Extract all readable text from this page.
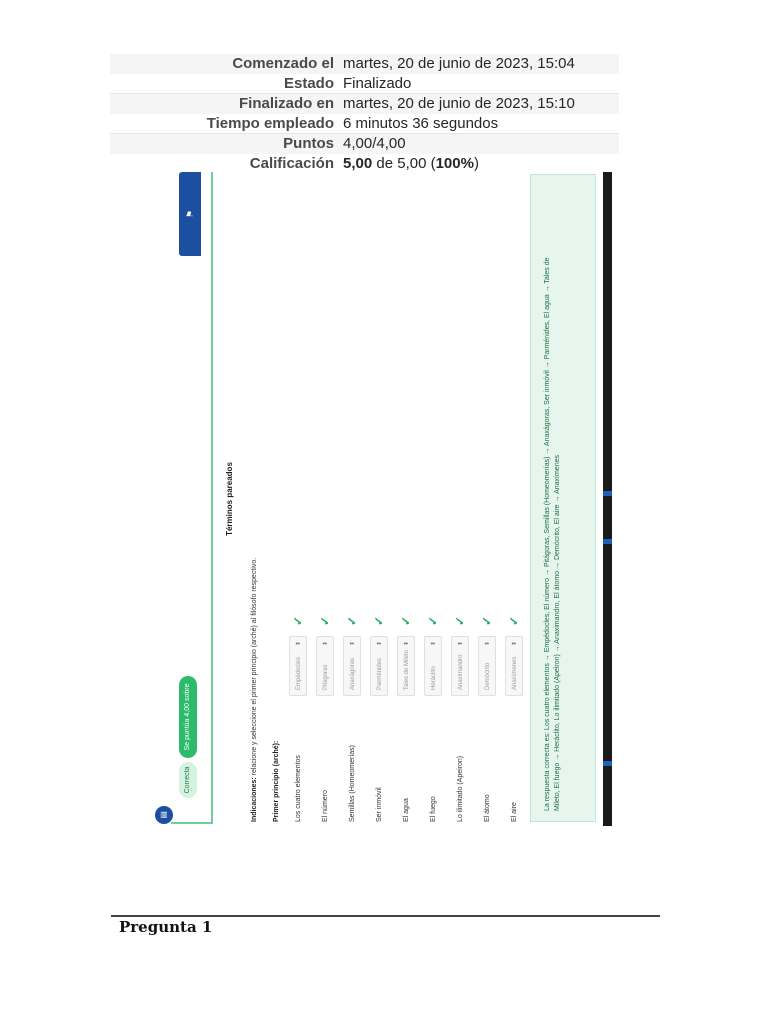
Comenzado el martes, 20 de junio de 2023, 15:04
Estado Finalizado
Finalizado en martes, 20 de junio de 2023, 15:10
Tiempo empleado 6 minutos 36 segundos
Puntos 4,00/4,00
Calificación 5,00 de 5,00 (100%)
▤
Correcta
Se puntúa 4,00 sobre 4,00
⚑
Términos pareados
Indicaciones: relacione y seleccione el primer principio (arché) al filósofo respectivo.
Primer principio (arché): Los cuatro elementos
Empédocles
⬍
✓
El número
Pitágoras
⬍
✓
Semillas (Homeomerías)
Anaxágoras
⬍
✓
Ser inmóvil
Parménides
⬍
✓
El agua
Tales de Mileto
⬍
✓
El fuego
Heráclito
⬍
✓
Lo ilimitado (Apeiron)
Anaximandro
⬍
✓
El átomo
Demócrito
⬍
✓
El aire
Anaxímenes
⬍
✓	La respuesta correcta es: Los cuatro elementos → Empédocles, El número → Pitágoras, Semillas (Homeomerías) → Anaxágoras, Ser inmóvil → Parménides, El agua → Tales de Mileto, El fuego → Heráclito, Lo ilimitado (Apeiron) → Anaximandro, El átomo → Demócrito, El aire → Anaxímenes
Pregunta 1
